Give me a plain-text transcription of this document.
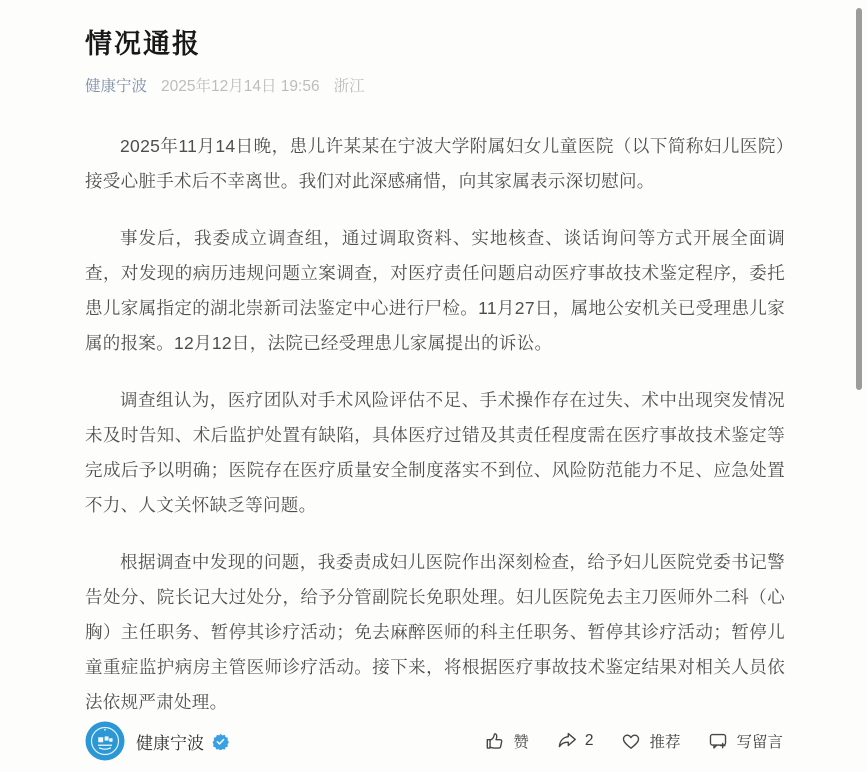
情况通报
健康宁波 2025年12月14日 19:56 浙江

2025年11月14日晚，患儿许某某在宁波大学附属妇女儿童医院（以下简称妇儿医院）接受心脏手术后不幸离世。我们对此深感痛惜，向其家属表示深切慰问。

事发后，我委成立调查组，通过调取资料、实地核查、谈话询问等方式开展全面调查，对发现的病历违规问题立案调查，对医疗责任问题启动医疗事故技术鉴定程序，委托患儿家属指定的湖北崇新司法鉴定中心进行尸检。11月27日，属地公安机关已受理患儿家属的报案。12月12日，法院已经受理患儿家属提出的诉讼。

调查组认为，医疗团队对手术风险评估不足、手术操作存在过失、术中出现突发情况未及时告知、术后监护处置有缺陷，具体医疗过错及其责任程度需在医疗事故技术鉴定等完成后予以明确；医院存在医疗质量安全制度落实不到位、风险防范能力不足、应急处置不力、人文关怀缺乏等问题。

根据调查中发现的问题，我委责成妇儿医院作出深刻检查，给予妇儿医院党委书记警告处分、院长记大过处分，给予分管副院长免职处理。妇儿医院免去主刀医师外二科（心胸）主任职务、暂停其诊疗活动；免去麻醉医师的科主任职务、暂停其诊疗活动；暂停儿童重症监护病房主管医师诊疗活动。接下来，将根据医疗事故技术鉴定结果对相关人员依法依规严肃处理。

健康宁波	赞	2	推荐	写留言
